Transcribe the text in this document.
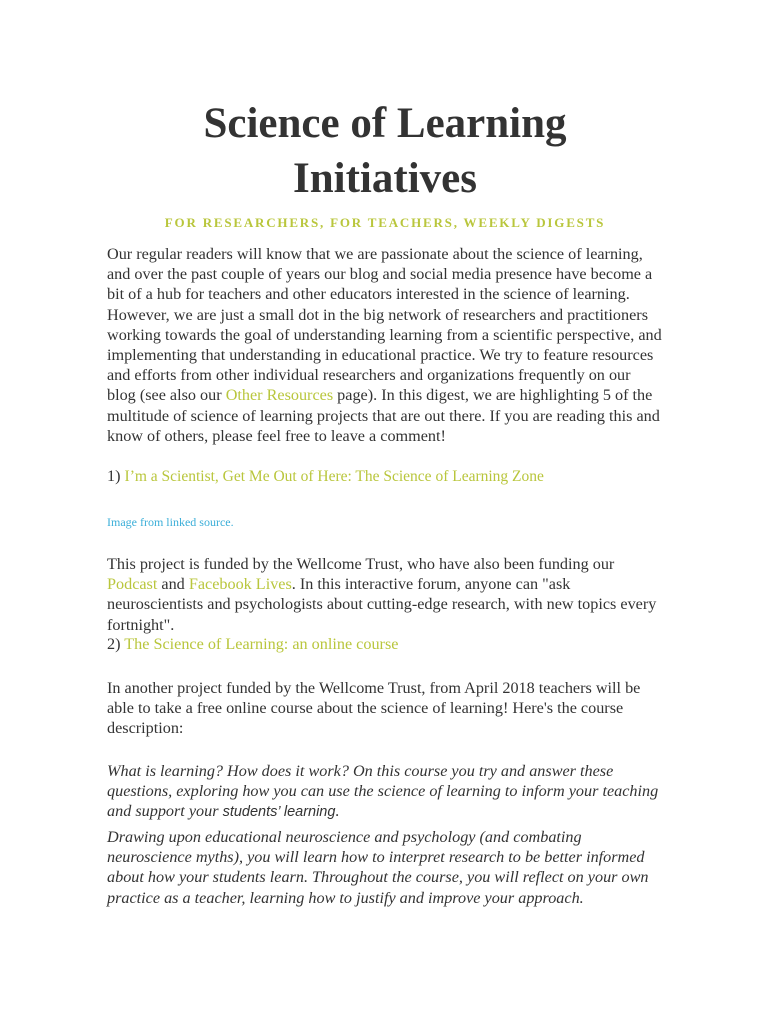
Science of Learning Initiatives
FOR RESEARCHERS, FOR TEACHERS, WEEKLY DIGESTS

Our regular readers will know that we are passionate about the science of learning, and over the past couple of years our blog and social media presence have become a bit of a hub for teachers and other educators interested in the science of learning. However, we are just a small dot in the big network of researchers and practitioners working towards the goal of understanding learning from a scientific perspective, and implementing that understanding in educational practice. We try to feature resources and efforts from other individual researchers and organizations frequently on our blog (see also our Other Resources page). In this digest, we are highlighting 5 of the multitude of science of learning projects that are out there. If you are reading this and know of others, please feel free to leave a comment!

1) I’m a Scientist, Get Me Out of Here: The Science of Learning Zone
Image from linked source.

This project is funded by the Wellcome Trust, who have also been funding our Podcast and Facebook Lives. In this interactive forum, anyone can "ask neuroscientists and psychologists about cutting-edge research, with new topics every fortnight".

2) The Science of Learning: an online course

In another project funded by the Wellcome Trust, from April 2018 teachers will be able to take a free online course about the science of learning! Here's the course description:

What is learning? How does it work? On this course you try and answer these questions, exploring how you can use the science of learning to inform your teaching and support your students’ learning.

Drawing upon educational neuroscience and psychology (and combating neuroscience myths), you will learn how to interpret research to be better informed about how your students learn. Throughout the course, you will reflect on your own practice as a teacher, learning how to justify and improve your approach.
